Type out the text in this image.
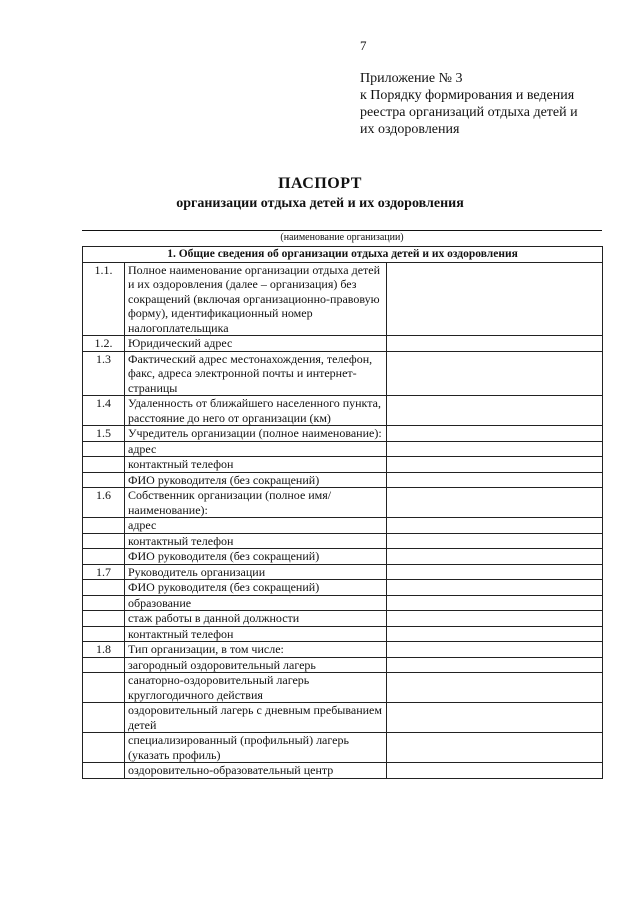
7
Приложение № 3
к Порядку формирования и ведения
реестра организаций отдыха детей и
их оздоровления
ПАСПОРТ
организации отдыха детей и их оздоровления
(наименование организации)
1. Общие сведения об организации отдыха детей и их оздоровления		
1.1.	Полное наименование организации отдыха детей и их оздоровления (далее – организация) без сокращений (включая организационно-правовую форму), идентификационный номер налогоплательщика	
1.2.	Юридический адрес	
1.3	Фактический адрес местонахождения, телефон, факс, адреса электронной почты и интернет-страницы	
1.4	Удаленность от ближайшего населенного пункта, расстояние до него от организации (км)	
1.5	Учредитель организации (полное наименование):	
	адрес	
	контактный телефон	
	ФИО руководителя (без сокращений)	
1.6	Собственник организации (полное имя/наименование):	
	адрес	
	контактный телефон	
	ФИО руководителя (без сокращений)	
1.7	Руководитель организации	
	ФИО руководителя (без сокращений)	
	образование	
	стаж работы в данной должности	
	контактный телефон	
1.8	Тип организации, в том числе:	
	загородный оздоровительный лагерь	
	санаторно-оздоровительный лагерь круглогодичного действия	
	оздоровительный лагерь с дневным пребыванием детей	
	специализированный (профильный) лагерь (указать профиль)	
	оздоровительно-образовательный центр	
